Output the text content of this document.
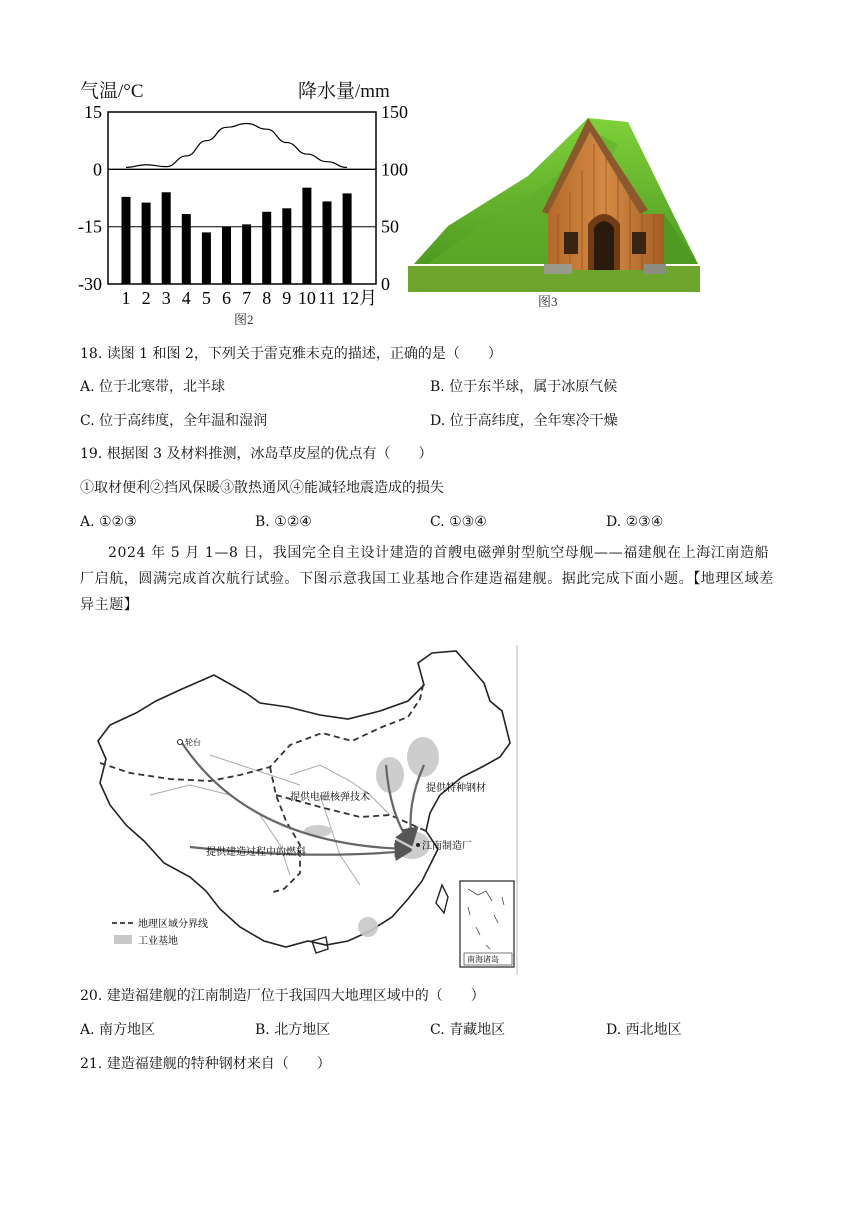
气温/°C	降水量/mm
15
0
-15
-30
150
100
50
0
1 2 3 4 5 6 7 8 9 10 11 12月
图2
图3
18. 读图 1 和图 2，下列关于雷克雅未克的描述，正确的是（　　）
A. 位于北寒带，北半球	B. 位于东半球，属于冰原气候
C. 位于高纬度，全年温和湿润	D. 位于高纬度，全年寒冷干燥
19. 根据图 3 及材料推测，冰岛草皮屋的优点有（　　）
①取材便利②挡风保暖③散热通风④能减轻地震造成的损失
A. ①②③	B. ①②④	C. ①③④	D. ②③④
2024 年 5 月 1—8 日，我国完全自主设计建造的首艘电磁弹射型航空母舰——福建舰在上海江南造船厂启航，圆满完成首次航行试验。下图示意我国工业基地合作建造福建舰。据此完成下面小题。【地理区域差异主题】
轮台
提供电磁核弹技术
提供特种钢材
提供建造过程中的燃料
江南制造厂
地理区域分界线
工业基地
南海诸岛
20. 建造福建舰的江南制造厂位于我国四大地理区域中的（　　）
A. 南方地区	B. 北方地区	C. 青藏地区	D. 西北地区
21. 建造福建舰的特种钢材来自（　　）
